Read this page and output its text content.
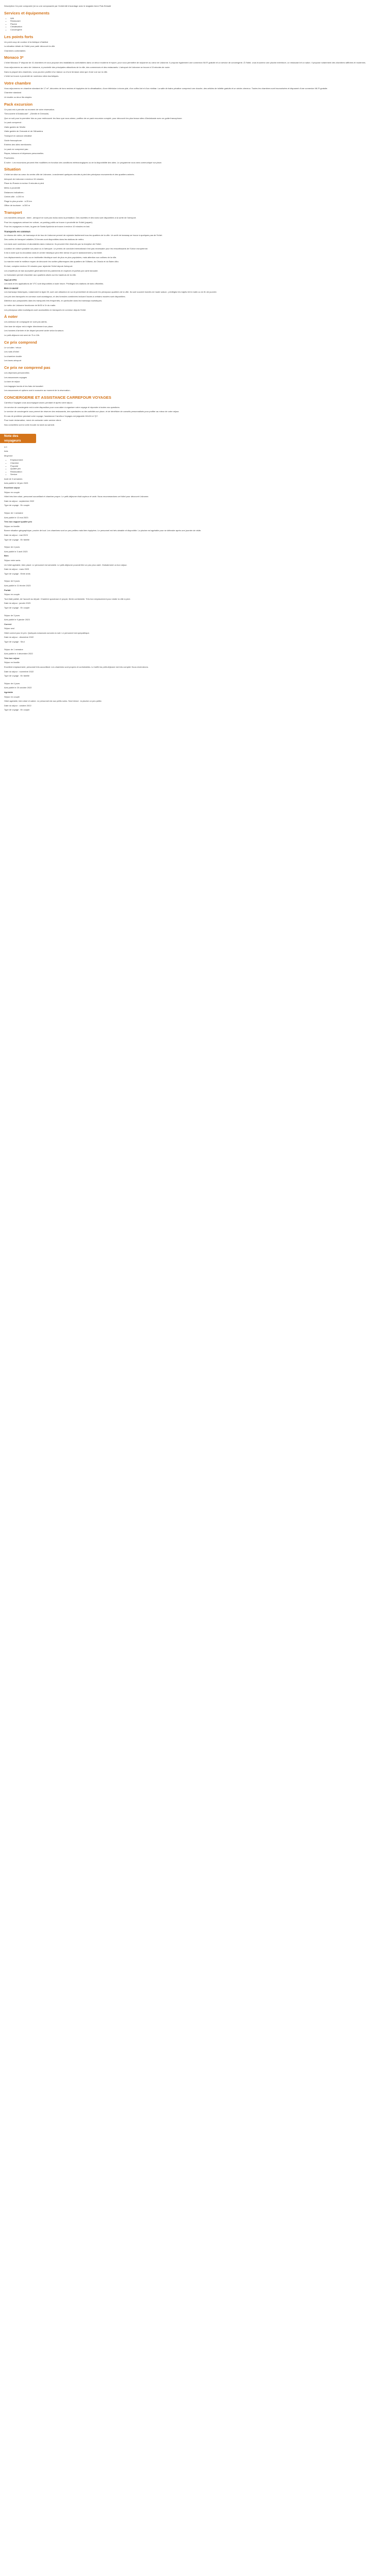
Description Cà pore composée j'ai vu une composante par l'extrémité d'avantage avec le stagiaire Anne Pais Eelaalé

Services et équipements
• Wifi
• Restaurant
• Piscine
• Climatisation
• Conciergerie
Les points forts

Un point coup de couleur et la fabrique d'habitat

La situation idéale de l'hôtel pour partir découvrir la ville

Chambres confortables

Monaco 3*

L'hôtel Monaco 3* dispose de 41 chambres et vous propose des installations confortables dans un décor moderne et épuré, pour vous permettre de séjourner au cœur de Lisbonne. Il propose également une connexion Wi-Fi gratuite et un service de conciergerie. À l'hôtel, vous trouverez une piscine extérieure, un restaurant et un salon. Il propose notamment des chambres raffinées et modernes.

Vous séjournerez au cœur de Lisbonne, à proximité des principales attractions de la ville, des commerces et des restaurants. L'aéroport de Lisbonne se trouve à 15 minutes de route.

Dans la plupart des chambres, vous pourrez profiter d'un balcon ou d'une terrasse ainsi que d'une vue sur la ville.

L'hôtel se trouve à proximité de nombreux sites touristiques.

Votre chambre

Vous séjournerez en chambre standard de 17 m², décorées de tons neutres et équipées de la climatisation, d'une télévision à écran plat, d'un coffre-fort et d'un minibar. La salle de bains privative comprend une douche, des articles de toilette gratuits et un sèche-cheveux. Toutes les chambres sont insonorisées et disposent d'une connexion Wi-Fi gratuite.

Chambre standard

Lit double ou deux lits simples

Pack excursion

Ce pack est à prendre au moment de votre réservation.

"Découverte d'Andalousie" - (Séville et Grenade)

Que ce soit pour la première fois ou pour redécouvrir les lieux que vous aimez, profitez de ce pack excursion complet, pour découvrir les plus beaux sites d'Andalousie avec un guide francophone.

Le pack comprend :

Visite guidée de Séville

Visite guidée de Grenade et de l'Alhambra

Transport en autocar climatisé

Guide francophone

Entrées des sites mentionnés

Le pack ne comprend pas :

Repas, boissons et dépenses personnelles

Pourboires

À noter : Les excursions peuvent être modifiées en fonction des conditions météorologiques ou de la disponibilité des sites. Le programme vous sera communiqué sur place.

Situation

L'hôtel se situe au cœur du centre-ville de Lisbonne, à seulement quelques minutes à pied des principaux monuments et des quartiers animés.

Aéroport de Lisbonne à environ 15 minutes

Place du Rossio à environ 5 minutes à pied

Métro à proximité

Distances indicatives :

Centre-ville : à 200 m

Plage la plus proche : à 25 km

Office de tourisme : à 300 m

Transport

Les transferts aéroport - hôtel - aéroport ne sont pas inclus dans la prestation. Des navettes et des taxis sont disponibles à la sortie de l'aéroport.

Pour les voyageurs arrivant en voiture, un parking public se trouve à proximité de l'hôtel (payant).

Pour les voyageurs en train, la gare de Santa Apolónia se trouve à environ 10 minutes en taxi.

Transports en commun

Le réseau de métro, de tramways et de bus de Lisbonne permet de rejoindre facilement tous les quartiers de la ville. Un arrêt de tramway se trouve à quelques pas de l'hôtel.

Des cartes de transport valables 24 heures sont disponibles dans les stations de métro.

Les taxis sont nombreux et abordables dans Lisbonne. Ils peuvent être réservés par la réception de l'hôtel.

Location de voiture possible sur place ou à l'aéroport. Le permis de conduire international n'est pas nécessaire pour les ressortissants de l'Union européenne.

Il est à noter que la circulation dans le centre historique peut être dense et que le stationnement y est limité.

Les déplacements en vélo ou en trottinette électrique sont de plus en plus populaires, mais attention aux collines de la ville.

La marche reste le meilleur moyen de découvrir les ruelles pittoresques des quartiers de l'Alfama, du Chiado et du Bairro Alto.

En taxi, comptez environ 15 minutes pour rejoindre l'hôtel depuis l'aéroport.

Les chauffeurs de taxi acceptent généralement les paiements en espèces et parfois par carte bancaire.

Le funiculaire permet d'accéder aux quartiers situés sur les hauteurs de la ville.

Taxi et VTC

Les taxis et les applications de VTC sont disponibles à toute heure. Privilégiez les stations de taxis officielles.

Bon à savoir

Les tramways historiques, notamment la ligne 28, sont une attraction en soi et permettent de découvrir les principaux quartiers de la ville. Ils sont souvent bondés en haute saison ; privilégiez les trajets tôt le matin ou en fin de journée.

Les prix des transports en commun sont avantageux, et des formules combinées incluant l'accès à certains musées sont disponibles.

Attention aux pickpockets dans les transports très fréquentés, en particulier dans les tramways touristiques.

Le métro de Lisbonne fonctionne de 6h30 à 1h du matin.

Les principaux sites touristiques sont accessibles en transports en commun depuis l'hôtel.

À noter

Les animaux de compagnie ne sont pas admis.

Une taxe de séjour est à régler directement sur place.

Les horaires d'arrivée et de départ peuvent varier selon la saison.

Le petit-déjeuner est servi de 7h à 10h.

Ce prix comprend

Le vol aller / retour

Les nuits d'hôtel

La chambre double

Les taxes aéroport

Ce prix ne comprend pas

Les dépenses personnelles

Les assurances voyages

La taxe de séjour

Les bagages lourds et les frais de transfert

Les assurances et options sont à souscrire au moment de la réservation.

CONCIERGERIE ET ASSISTANCE CARREFOUR VOYAGES

Carrefour Voyages vous accompagne avant, pendant et après votre séjour.

Un service de conciergerie est à votre disposition pour vous aider à organiser votre voyage et répondre à toutes vos questions.

Le service de conciergerie vous permet de réserver des restaurants, des spectacles ou des activités sur place, et de bénéficier de conseils personnalisés pour profiter au mieux de votre séjour.

En cas de problème pendant votre voyage, l'assistance Carrefour Voyages est joignable 24h/24 et 7j/7.

Pour toute réclamation, merci de contacter notre service client.

Nos conseillers sont à votre écoute du lundi au samedi.

Note des voyageurs

4.0

Avis

Moyenne

• Emplacement
• Chambre
• Propreté
• Qualité prix
• Restauration
• Service

Août de 3 semaines

Avis publié le 18 juin 2023

Excellent séjour

Séjour en couple

Hôtel très bien situé, personnel accueillant et chambre propre. Le petit-déjeuner était copieux et varié. Nous recommandons cet hôtel pour découvrir Lisbonne.

Date du séjour : septembre 2022

Type de voyage : En couple

Séjour de 1 semaine

Avis publié le 13 mai 2023

Très bon rapport qualité prix

Séjour en famille

Bonne situation géographique, proche de tout. Les chambres sont un peu petites mais bien équipées. Le personnel est très aimable et disponible. La piscine est agréable pour se détendre après une journée de visite.

Date du séjour : mai 2023

Type de voyage : En famille

Séjour de 4 jours

Avis publié le 3 avril 2023

Bien

Séjour entre amis

Un hôtel agréable, bien placé. Le personnel est serviable. Le petit-déjeuner pourrait être un peu plus varié. Globalement un bon séjour.

Date du séjour : mars 2023

Type de voyage : Entre amis

Séjour de 5 jours

Avis publié le 21 février 2023

Parfait

Séjour en couple

Tout était parfait, de l'accueil au départ. Chambre spacieuse et propre, literie confortable. Très bon emplacement pour visiter la ville à pied.

Date du séjour : janvier 2023

Type de voyage : En couple

Séjour de 3 jours

Avis publié le 9 janvier 2023

Correct

Séjour seul

Hôtel correct pour le prix. Quelques nuisances sonores la nuit. Le personnel est sympathique.

Date du séjour : décembre 2022

Type de voyage : Seul

Séjour de 1 semaine

Avis publié le 4 décembre 2022

Très bon séjour

Séjour en famille

Excellent emplacement, personnel très accueillant. Les chambres sont propres et confortables. Le buffet du petit-déjeuner est très complet. Nous reviendrons.

Date du séjour : novembre 2022

Type de voyage : En famille

Séjour de 4 jours

Avis publié le 20 octobre 2022

Agréable

Séjour en couple

Hôtel agréable, bien situé et calme. Le personnel est aux petits soins. Seul bémol : la piscine un peu petite.

Date du séjour : octobre 2022

Type de voyage : En couple
